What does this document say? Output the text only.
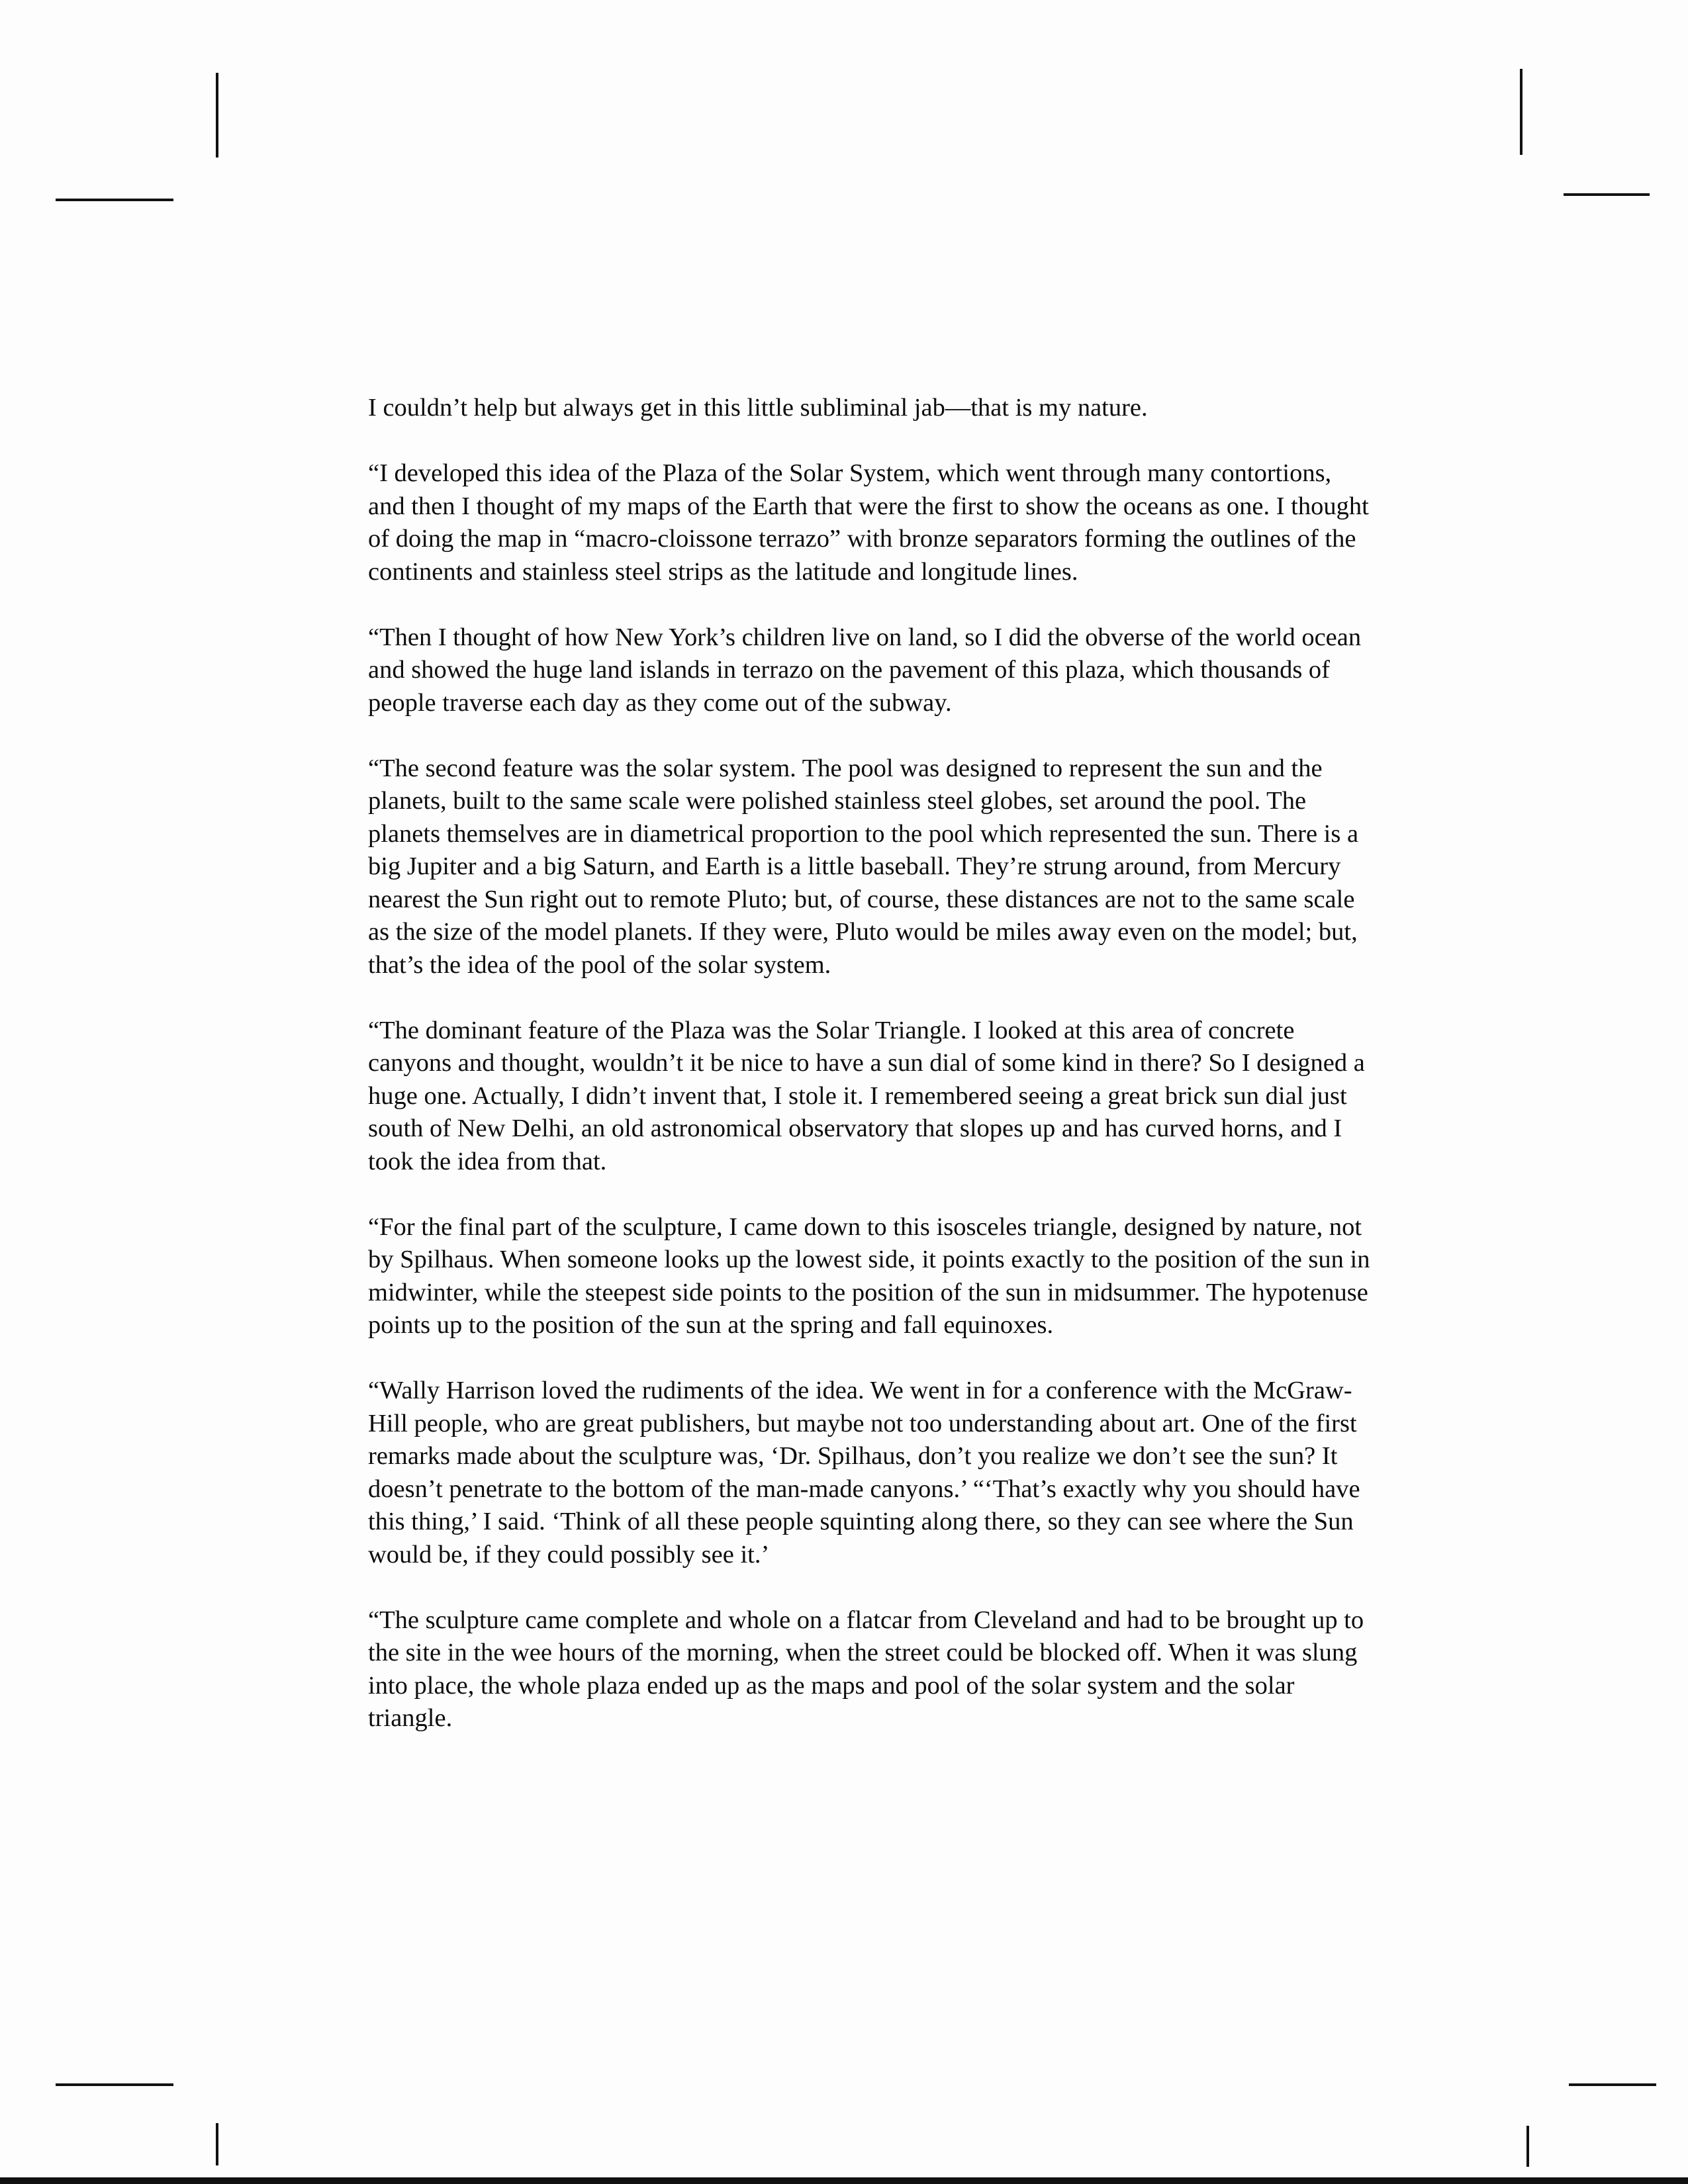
I couldn’t help but always get in this little subliminal jab—that is my nature.

“I developed this idea of the Plaza of the Solar System, which went through many contortions, and then I thought of my maps of the Earth that were the first to show the oceans as one. I thought of doing the map in “macro-cloissone terrazo” with bronze separators forming the outlines of the continents and stainless steel strips as the latitude and longitude lines.

“Then I thought of how New York’s children live on land, so I did the obverse of the world ocean and showed the huge land islands in terrazo on the pavement of this plaza, which thousands of people traverse each day as they come out of the subway.

“The second feature was the solar system. The pool was designed to represent the sun and the planets, built to the same scale were polished stainless steel globes, set around the pool. The planets themselves are in diametrical proportion to the pool which represented the sun. There is a big Jupiter and a big Saturn, and Earth is a little baseball. They’re strung around, from Mercury nearest the Sun right out to remote Pluto; but, of course, these distances are not to the same scale as the size of the model planets. If they were, Pluto would be miles away even on the model; but, that’s the idea of the pool of the solar system.

“The dominant feature of the Plaza was the Solar Triangle. I looked at this area of concrete canyons and thought, wouldn’t it be nice to have a sun dial of some kind in there? So I designed a huge one. Actually, I didn’t invent that, I stole it. I remembered seeing a great brick sun dial just south of New Delhi, an old astronomical observatory that slopes up and has curved horns, and I took the idea from that.

“For the final part of the sculpture, I came down to this isosceles triangle, designed by nature, not by Spilhaus. When someone looks up the lowest side, it points exactly to the position of the sun in midwinter, while the steepest side points to the position of the sun in midsummer. The hypotenuse points up to the position of the sun at the spring and fall equinoxes.

“Wally Harrison loved the rudiments of the idea. We went in for a conference with the McGraw-Hill people, who are great publishers, but maybe not too understanding about art. One of the first remarks made about the sculpture was, ‘Dr. Spilhaus, don’t you realize we don’t see the sun? It doesn’t penetrate to the bottom of the man-made canyons.’ “‘That’s exactly why you should have this thing,’ I said. ‘Think of all these people squinting along there, so they can see where the Sun would be, if they could possibly see it.’

“The sculpture came complete and whole on a flatcar from Cleveland and had to be brought up to the site in the wee hours of the morning, when the street could be blocked off. When it was slung into place, the whole plaza ended up as the maps and pool of the solar system and the solar triangle.
